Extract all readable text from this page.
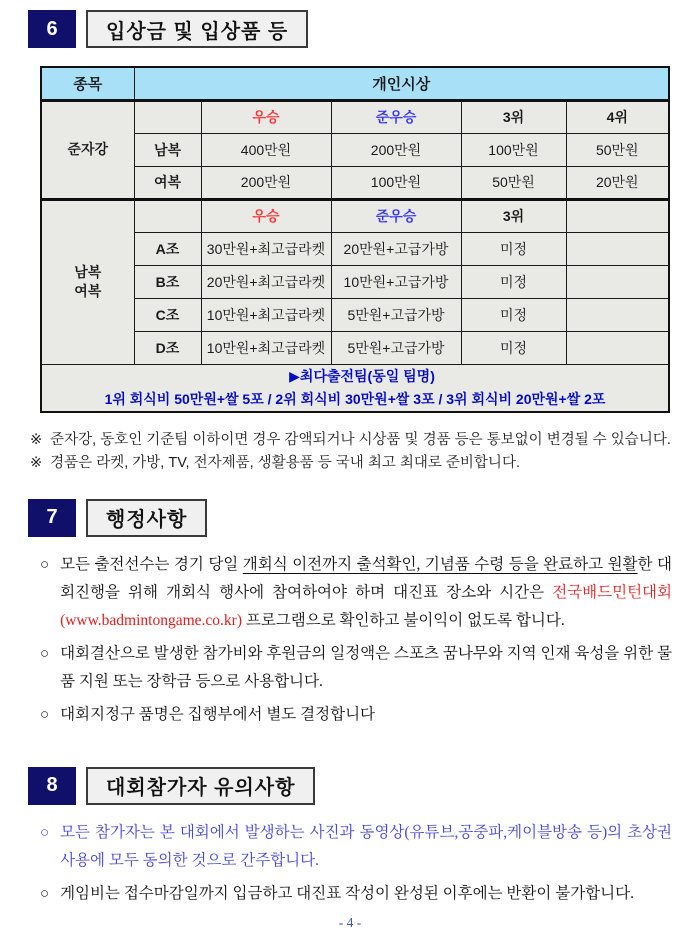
6	입상금 및 입상품 등
종목	개인시상				
준자강		우승	준우승	3위	4위
	남복	400만원	200만원	100만원	50만원
	여복	200만원	100만원	50만원	20만원

남복
여복		우승	준우승	3위	
	A조	30만원+최고급라켓	20만원+고급가방	미정	
	B조	20만원+최고급라켓	10만원+고급가방	미정	
	C조	10만원+최고급라켓	5만원+고급가방	미정	
	D조	10만원+최고급라켓	5만원+고급가방	미정	

▶최다출전팀(동일 팀명)
1위 회식비 50만원+쌀 5포 / 2위 회식비 30만원+쌀 3포 / 3위 회식비 20만원+쌀 2포					
※ 준자강, 동호인 기준팀 이하이면 경우 감액되거나 시상품 및 경품 등은 통보없이 변경될 수 있습니다.
※ 경품은 라켓, 가방, TV, 전자제품, 생활용품 등 국내 최고 최대로 준비합니다.
7	행정사항
○ 모든 출전선수는 경기 당일 개회식 이전까지 출석확인, 기념품 수령 등을 완료하고 원활한 대회진행을 위해 개회식 행사에 참여하여야 하며 대진표 장소와 시간은 전국배드민턴대회(www.badmintongame.co.kr) 프로그램으로 확인하고 불이익이 없도록 합니다.

○ 대회결산으로 발생한 참가비와 후원금의 일정액은 스포츠 꿈나무와 지역 인재 육성을 위한 물품 지원 또는 장학금 등으로 사용합니다.

○ 대회지정구 품명은 집행부에서 별도 결정합니다

8	대회참가자 유의사항
○ 모든 참가자는 본 대회에서 발생하는 사진과 동영상(유튜브,공중파,케이블방송 등)의 초상권 사용에 모두 동의한 것으로 간주합니다.

○ 게임비는 접수마감일까지 입금하고 대진표 작성이 완성된 이후에는 반환이 불가합니다.

- 4 -
